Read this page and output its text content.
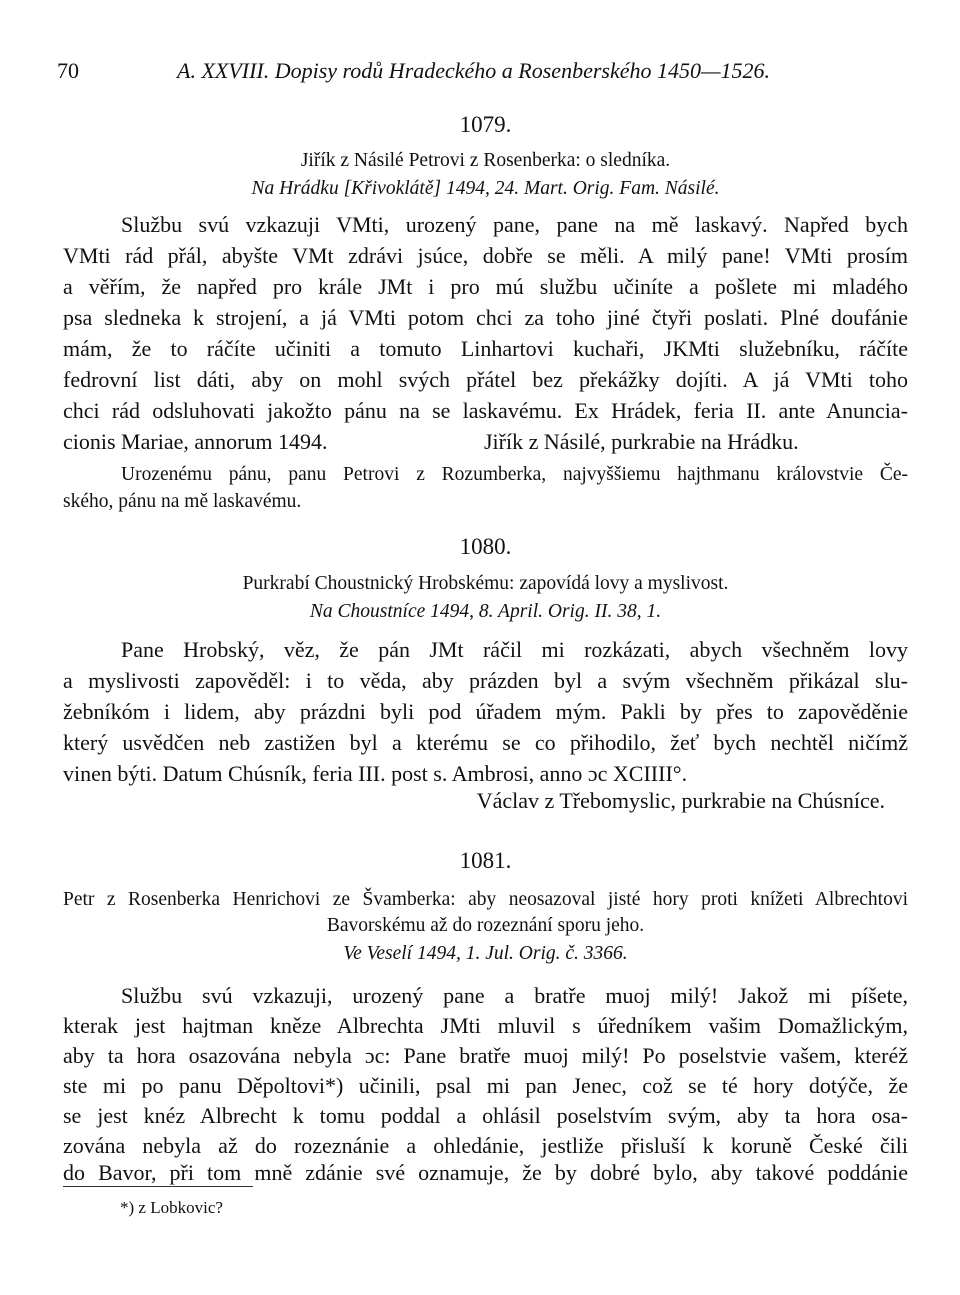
70	A. XXVIII. Dopisy rodů Hradeckého a Rosenberského 1450—1526.
1079.
Jiřík z Násilé Petrovi z Rosenberka: o sledníka.
Na Hrádku [Křivoklátě] 1494, 24. Mart. Orig. Fam. Násilé.
Službu svú vzkazuji VMti, urozený pane, pane na mě laskavý. Napřed bych
VMti rád přál, abyšte VMt zdrávi jsúce, dobře se měli. A milý pane! VMti prosím
a věřím, že napřed pro krále JMt i pro mú službu učiníte a pošlete mi mladého
psa sledneka k strojení, a já VMti potom chci za toho jiné čtyři poslati. Plné doufánie
mám, že to ráčíte učiniti a tomuto Linhartovi kuchaři, JKMti služebníku, ráčíte
fedrovní list dáti, aby on mohl svých přátel bez překážky dojíti. A já VMti toho
chci rád odsluhovati jakožto pánu na se laskavému. Ex Hrádek, feria II. ante Anuncia-
cionis Mariae, annorum 1494.	Jiřík z Násilé, purkrabie na Hrádku.
Urozenému pánu, panu Petrovi z Rozumberka, najvyššiemu hajthmanu královstvie Če-
ského, pánu na mě laskavému.
1080.
Purkrabí Choustnický Hrobskému: zapovídá lovy a myslivost.
Na Choustníce 1494, 8. April. Orig. II. 38, 1.
Pane Hrobský, věz, že pán JMt ráčil mi rozkázati, abych všechněm lovy
a myslivosti zapověděl: i to věda, aby prázden byl a svým všechněm přikázal slu-
žebníkóm i lidem, aby prázdni byli pod úřadem mým. Pakli by přes to zapověděnie
který usvědčen neb zastižen byl a kterému se co přihodilo, žeť bych nechtěl ničímž
vinen býti. Datum Chúsník, feria III. post s. Ambrosi, anno ɔc XCIIII°.
Václav z Třebomyslic, purkrabie na Chúsníce.
1081.
Petr z Rosenberka Henrichovi ze Švamberka: aby neosazoval jisté hory proti knížeti Albrechtovi
Bavorskému až do rozeznání sporu jeho.
Ve Veselí 1494, 1. Jul. Orig. č. 3366.
Službu svú vzkazuji, urozený pane a bratře muoj milý! Jakož mi píšete,
kterak jest hajtman kněze Albrechta JMti mluvil s úředníkem vašim Domažlickým,
aby ta hora osazována nebyla ɔc: Pane bratře muoj milý! Po poselstvie vašem, kteréž
ste mi po panu Děpoltovi*) učinili, psal mi pan Jenec, což se té hory dotýče, že
se jest knéz Albrecht k tomu poddal a ohlásil poselstvím svým, aby ta hora osa-
zována nebyla až do rozeznánie a ohledánie, jestliže přisluší k koruně České čili
do Bavor, při tom mně zdánie své oznamuje, že by dobré bylo, aby takové poddánie
*) z Lobkovic?
